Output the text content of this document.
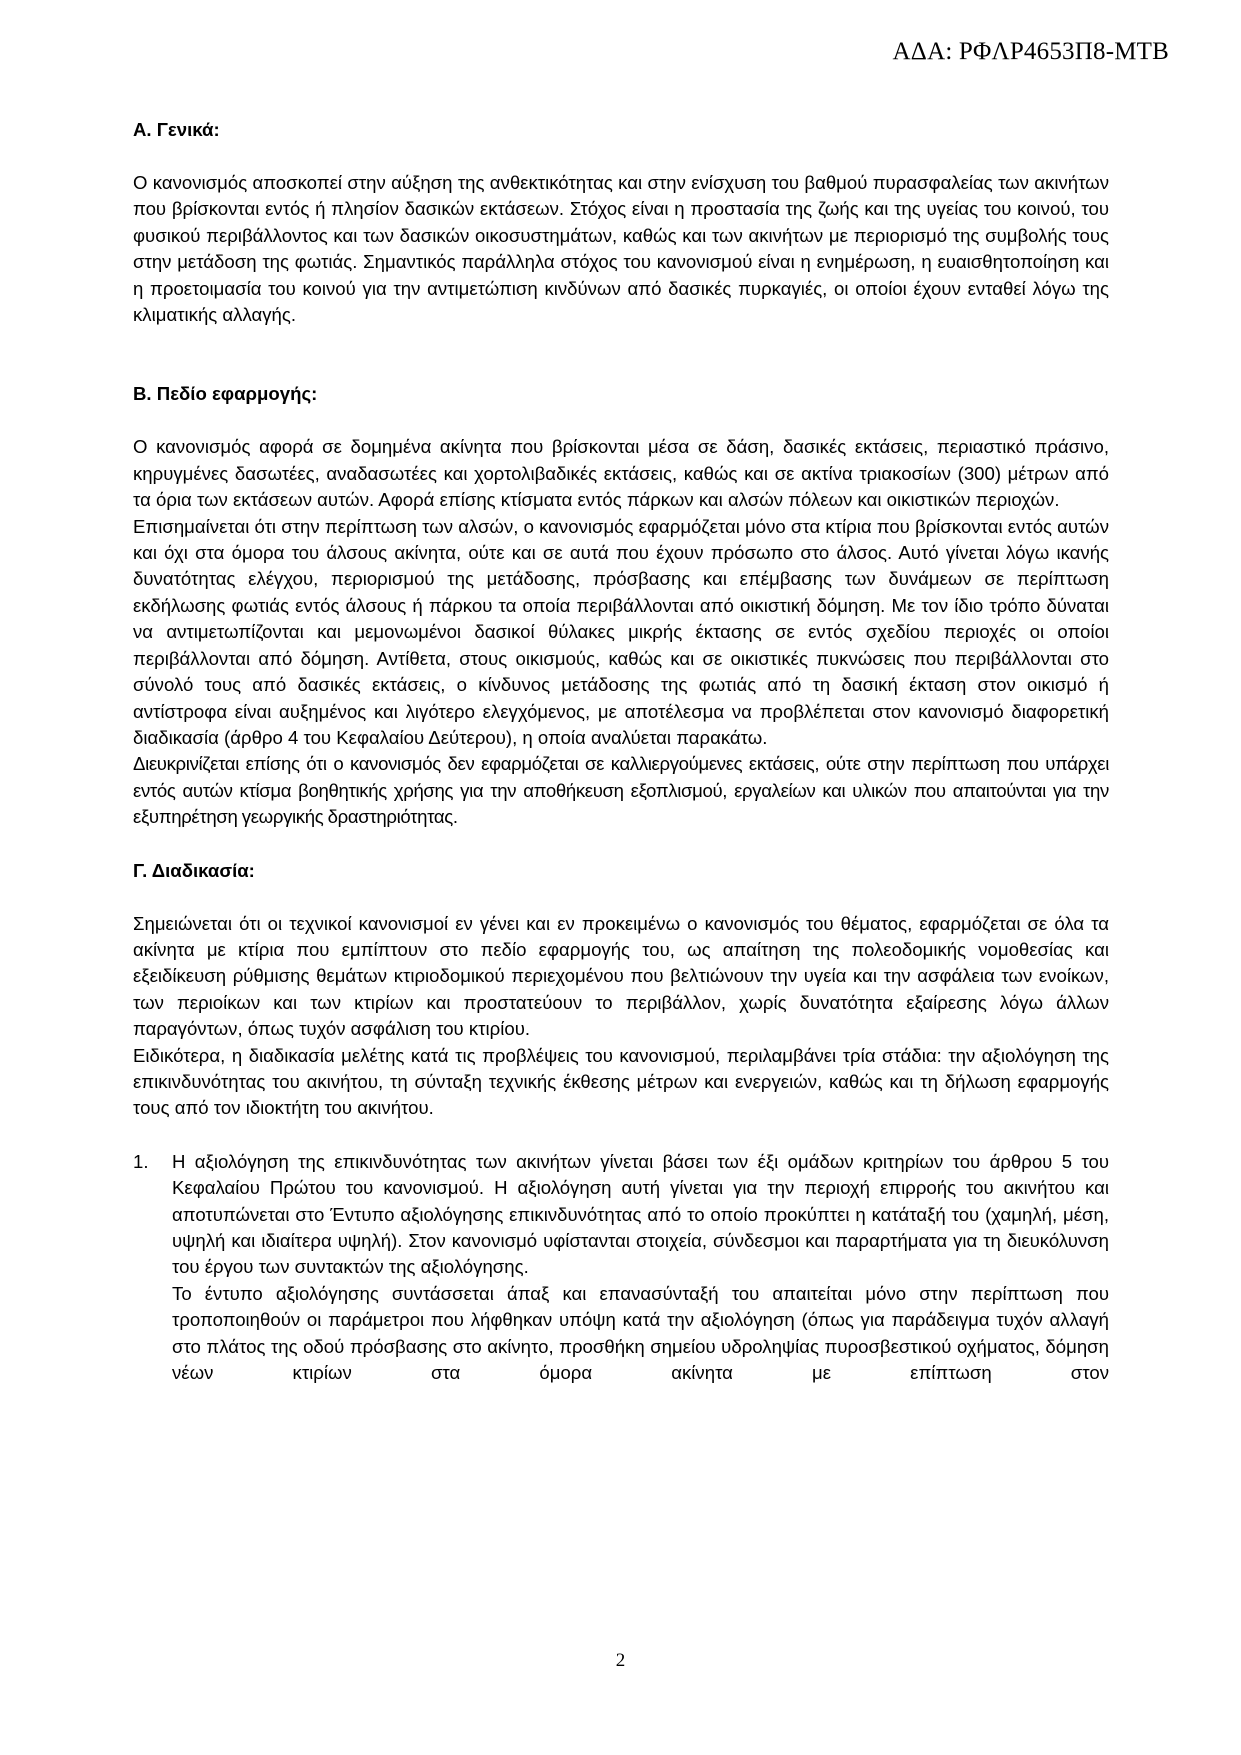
ΑΔΑ: ΡΦΛΡ4653Π8-ΜΤΒ

Α. Γενικά:

Ο κανονισμός αποσκοπεί στην αύξηση της ανθεκτικότητας και στην ενίσχυση του βαθμού πυρασφαλείας των ακινήτων που βρίσκονται εντός ή πλησίον δασικών εκτάσεων. Στόχος είναι η προστασία της ζωής και της υγείας του κοινού, του φυσικού περιβάλλοντος και των δασικών οικοσυστημάτων, καθώς και των ακινήτων με περιορισμό της συμβολής τους στην μετάδοση της φωτιάς. Σημαντικός παράλληλα στόχος του κανονισμού είναι η ενημέρωση, η ευαισθητοποίηση και η προετοιμασία του κοινού για την αντιμετώπιση κινδύνων από δασικές πυρκαγιές, οι οποίοι έχουν ενταθεί λόγω της κλιματικής αλλαγής.

Β. Πεδίο εφαρμογής:

Ο κανονισμός αφορά σε δομημένα ακίνητα που βρίσκονται μέσα σε δάση, δασικές εκτάσεις, περιαστικό πράσινο, κηρυγμένες δασωτέες, αναδασωτέες και χορτολιβαδικές εκτάσεις, καθώς και σε ακτίνα τριακοσίων (300) μέτρων από τα όρια των εκτάσεων αυτών. Αφορά επίσης κτίσματα εντός πάρκων και αλσών πόλεων και οικιστικών περιοχών.

Επισημαίνεται ότι στην περίπτωση των αλσών, ο κανονισμός εφαρμόζεται μόνο στα κτίρια που βρίσκονται εντός αυτών και όχι στα όμορα του άλσους ακίνητα, ούτε και σε αυτά που έχουν πρόσωπο στο άλσος. Αυτό γίνεται λόγω ικανής δυνατότητας ελέγχου, περιορισμού της μετάδοσης, πρόσβασης και επέμβασης των δυνάμεων σε περίπτωση εκδήλωσης φωτιάς εντός άλσους ή πάρκου τα οποία περιβάλλονται από οικιστική δόμηση. Με τον ίδιο τρόπο δύναται να αντιμετωπίζονται και μεμονωμένοι δασικοί θύλακες μικρής έκτασης σε εντός σχεδίου περιοχές οι οποίοι περιβάλλονται από δόμηση. Αντίθετα, στους οικισμούς, καθώς και σε οικιστικές πυκνώσεις που περιβάλλονται στο σύνολό τους από δασικές εκτάσεις, ο κίνδυνος μετάδοσης της φωτιάς από τη δασική έκταση στον οικισμό ή αντίστροφα είναι αυξημένος και λιγότερο ελεγχόμενος, με αποτέλεσμα να προβλέπεται στον κανονισμό διαφορετική διαδικασία (άρθρο 4 του Κεφαλαίου Δεύτερου), η οποία αναλύεται παρακάτω.

Διευκρινίζεται επίσης ότι ο κανονισμός δεν εφαρμόζεται σε καλλιεργούμενες εκτάσεις, ούτε στην περίπτωση που υπάρχει εντός αυτών κτίσμα βοηθητικής χρήσης για την αποθήκευση εξοπλισμού, εργαλείων και υλικών που απαιτούνται για την εξυπηρέτηση γεωργικής δραστηριότητας.

Γ. Διαδικασία:

Σημειώνεται ότι οι τεχνικοί κανονισμοί εν γένει και εν προκειμένω ο κανονισμός του θέματος, εφαρμόζεται σε όλα τα ακίνητα με κτίρια που εμπίπτουν στο πεδίο εφαρμογής του, ως απαίτηση της πολεοδομικής νομοθεσίας και εξειδίκευση ρύθμισης θεμάτων κτιριοδομικού περιεχομένου που βελτιώνουν την υγεία και την ασφάλεια των ενοίκων, των περιοίκων και των κτιρίων και προστατεύουν το περιβάλλον, χωρίς δυνατότητα εξαίρεσης λόγω άλλων παραγόντων, όπως τυχόν ασφάλιση του κτιρίου.

Ειδικότερα, η διαδικασία μελέτης κατά τις προβλέψεις του κανονισμού, περιλαμβάνει τρία στάδια: την αξιολόγηση της επικινδυνότητας του ακινήτου, τη σύνταξη τεχνικής έκθεσης μέτρων και ενεργειών, καθώς και τη δήλωση εφαρμογής τους από τον ιδιοκτήτη του ακινήτου.

1. Η αξιολόγηση της επικινδυνότητας των ακινήτων γίνεται βάσει των έξι ομάδων κριτηρίων του άρθρου 5 του Κεφαλαίου Πρώτου του κανονισμού. Η αξιολόγηση αυτή γίνεται για την περιοχή επιρροής του ακινήτου και αποτυπώνεται στο Έντυπο αξιολόγησης επικινδυνότητας από το οποίο προκύπτει η κατάταξή του (χαμηλή, μέση, υψηλή και ιδιαίτερα υψηλή). Στον κανονισμό υφίστανται στοιχεία, σύνδεσμοι και παραρτήματα για τη διευκόλυνση του έργου των συντακτών της αξιολόγησης.

Το έντυπο αξιολόγησης συντάσσεται άπαξ και επανασύνταξή του απαιτείται μόνο στην περίπτωση που τροποποιηθούν οι παράμετροι που λήφθηκαν υπόψη κατά την αξιολόγηση (όπως για παράδειγμα τυχόν αλλαγή στο πλάτος της οδού πρόσβασης στο ακίνητο, προσθήκη σημείου υδροληψίας πυροσβεστικού οχήματος, δόμηση νέων κτιρίων στα όμορα ακίνητα με επίπτωση στον

2
